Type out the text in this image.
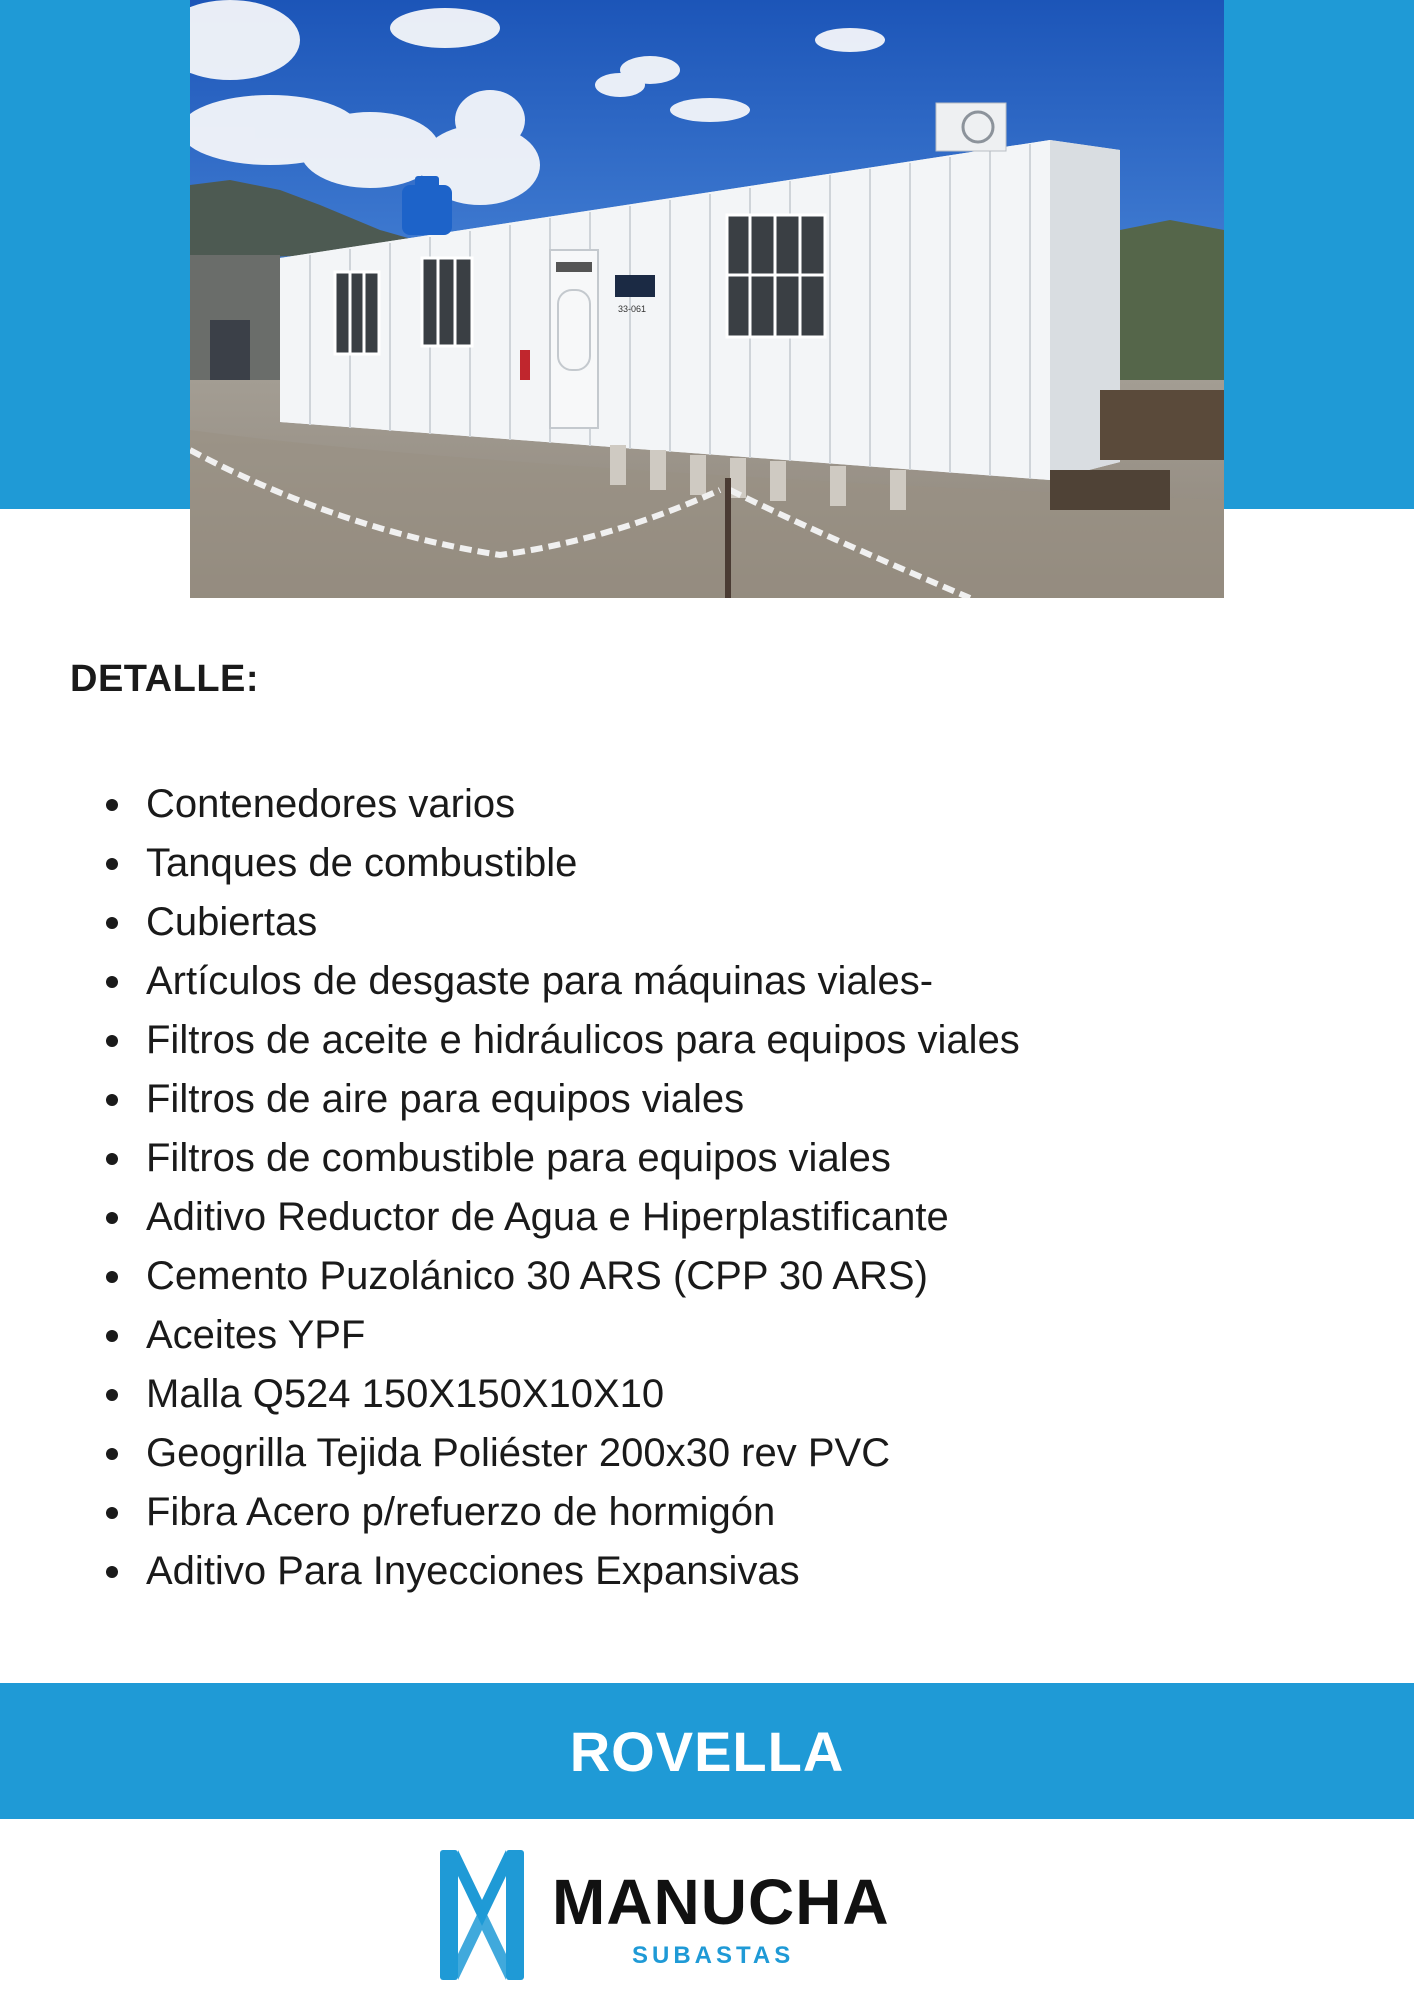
33-061
DETALLE:
Contenedores varios
Tanques de combustible
Cubiertas
Artículos de desgaste para máquinas viales-
Filtros de aceite e hidráulicos para equipos viales
Filtros de aire para equipos viales
Filtros de combustible para equipos viales
Aditivo Reductor de Agua e Hiperplastificante
Cemento Puzolánico 30 ARS (CPP 30 ARS)
Aceites YPF
Malla Q524 150X150X10X10
Geogrilla Tejida Poliéster 200x30 rev PVC
Fibra Acero p/refuerzo de hormigón
Aditivo Para Inyecciones Expansivas
ROVELLA
MANUCHA
SUBASTAS
